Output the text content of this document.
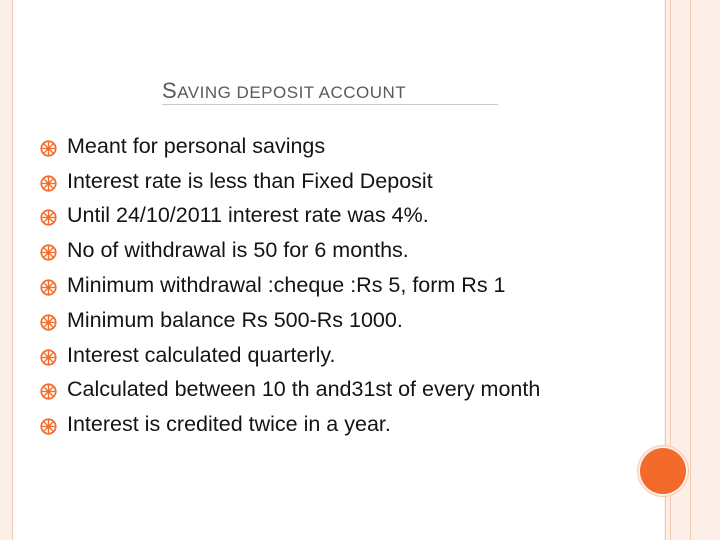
SAVING DEPOSIT ACCOUNT
Meant for personal savings
Interest rate is less than Fixed Deposit
Until 24/10/2011 interest rate was 4%.
No of withdrawal is 50 for 6 months.
Minimum withdrawal :cheque :Rs 5, form Rs 1
Minimum balance Rs 500-Rs 1000.
Interest calculated quarterly.
Calculated between 10 th and31st of every month
Interest is credited twice in a year.
